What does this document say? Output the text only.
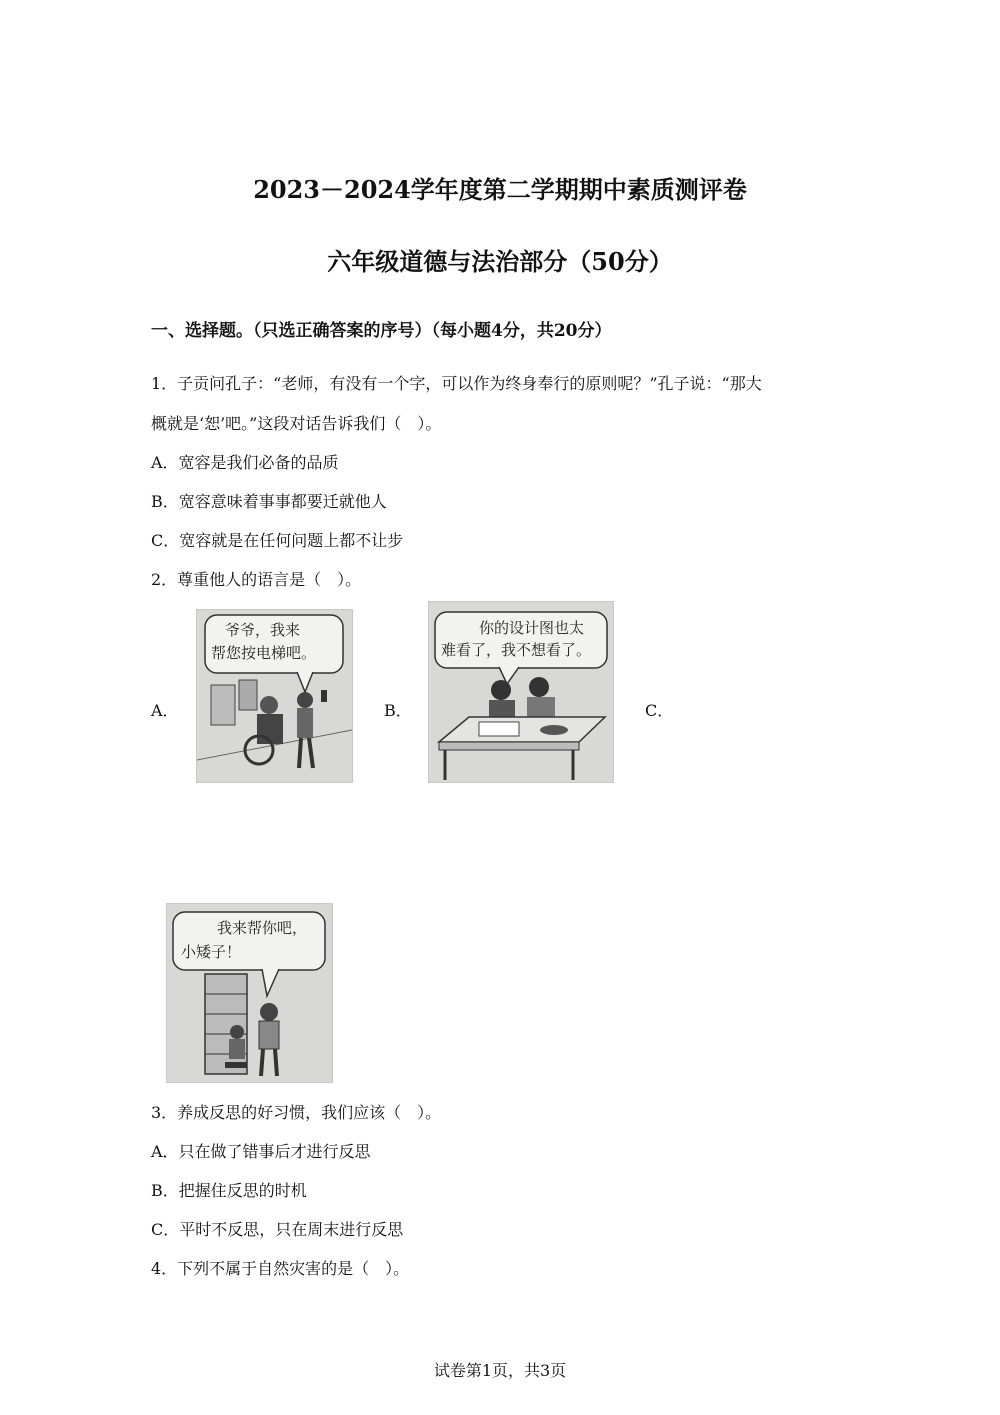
2023－2024学年度第二学期期中素质测评卷
六年级道德与法治部分（50分）
一、选择题。（只选正确答案的序号）（每小题4分，共20分）
1．子贡问孔子：“老师，有没有一个字，可以作为终身奉行的原则呢？”孔子说：“那大
概就是‘恕’吧。”这段对话告诉我们（　）。
A．宽容是我们必备的品质
B．宽容意味着事事都要迁就他人
C．宽容就是在任何问题上都不让步
2．尊重他人的语言是（　）。
A．	B．	C．
爷爷，我来
帮您按电梯吧。
你的设计图也太
难看了，我不想看了。
我来帮你吧，
小矮子！
3．养成反思的好习惯，我们应该（　）。
A．只在做了错事后才进行反思
B．把握住反思的时机
C．平时不反思，只在周末进行反思
4．下列不属于自然灾害的是（　）。
试卷第1页，共3页
